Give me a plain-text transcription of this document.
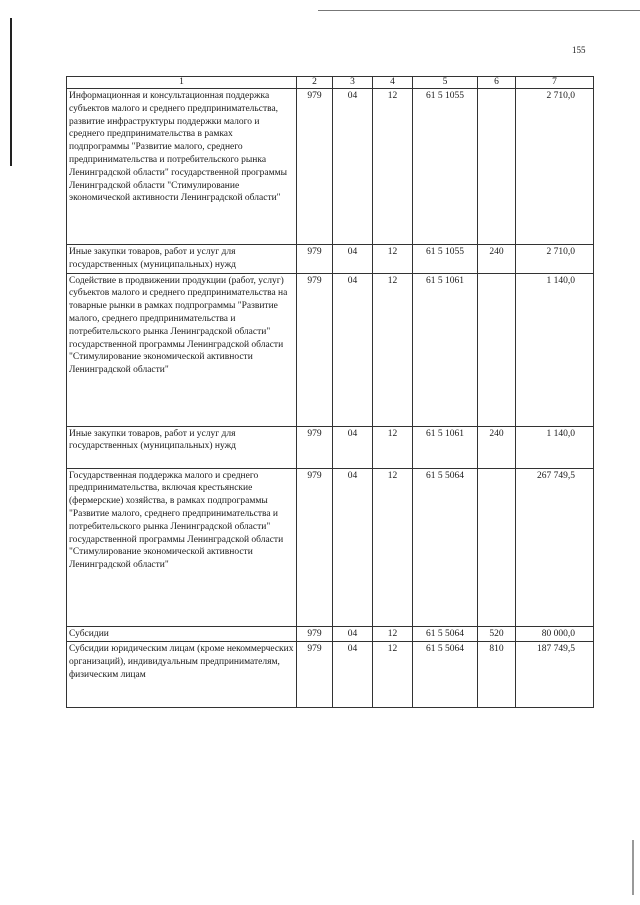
155
1	2	3	4	5	6	7
Информационная и консультационная поддержка субъектов малого и среднего предпринимательства, развитие инфраструктуры поддержки малого и среднего предпринимательства в рамках подпрограммы "Развитие малого, среднего предпринимательства и потребительского рынка Ленинградской области" государственной программы Ленинградской области "Стимулирование экономической активности Ленинградской области"	979	04	12	61 5 1055		2 710,0
Иные закупки товаров, работ и услуг для государственных (муниципальных) нужд	979	04	12	61 5 1055	240	2 710,0
Содействие в продвижении продукции (работ, услуг) субъектов малого и среднего предпринимательства на товарные рынки в рамках подпрограммы "Развитие малого, среднего предпринимательства и потребительского рынка Ленинградской области" государственной программы Ленинградской области "Стимулирование экономической активности Ленинградской области"	979	04	12	61 5 1061		1 140,0
Иные закупки товаров, работ и услуг для государственных (муниципальных) нужд	979	04	12	61 5 1061	240	1 140,0
Государственная поддержка малого и среднего предпринимательства, включая крестьянские (фермерские) хозяйства, в рамках подпрограммы "Развитие малого, среднего предпринимательства и потребительского рынка Ленинградской области" государственной программы Ленинградской области "Стимулирование экономической активности Ленинградской области"	979	04	12	61 5 5064		267 749,5
Субсидии	979	04	12	61 5 5064	520	80 000,0
Субсидии юридическим лицам (кроме некоммерческих организаций), индивидуальным предпринимателям, физическим лицам	979	04	12	61 5 5064	810	187 749,5
